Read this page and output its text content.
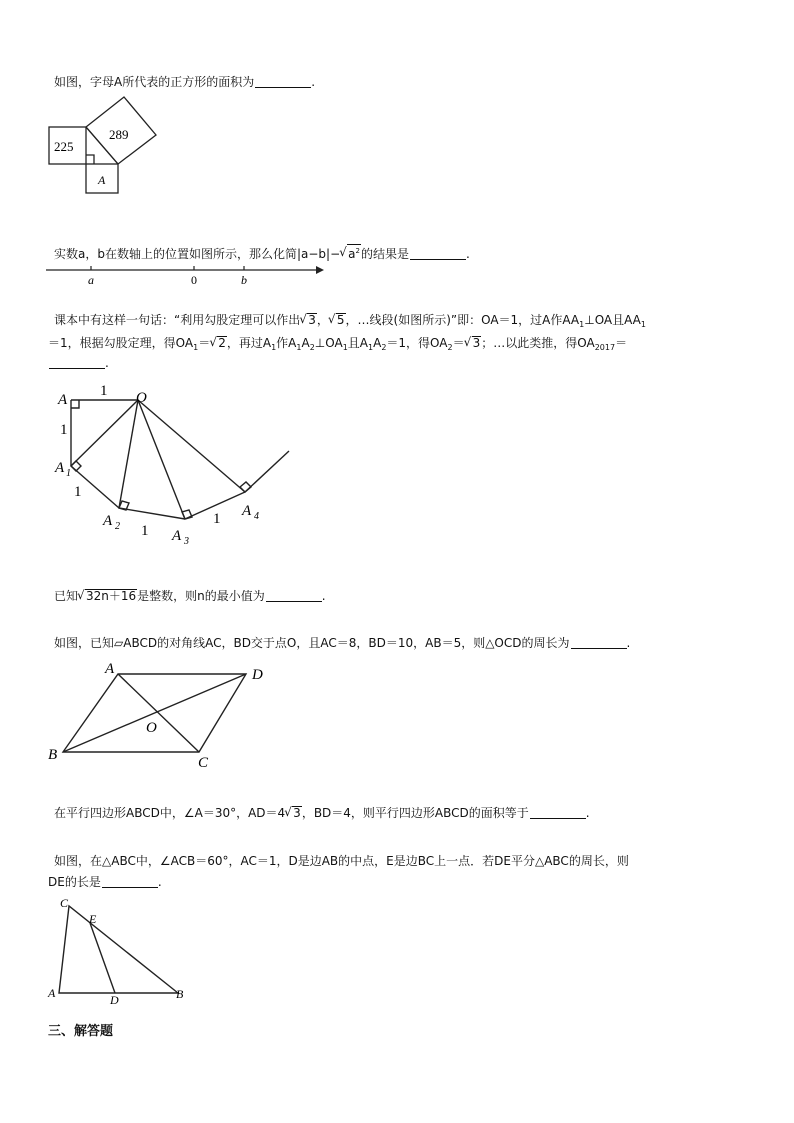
如图，字母A所代表的正方形的面积为	.
225
289
A
实数a，b在数轴上的位置如图所示，那么化简|a−b|−√ $a^2$的结果是	.
a	0	b
课本中有这样一句话：“利用勾股定理可以作出√ 3，√ 5，…线段(如图所示)”即：OA＝1，过A作$AA_1\perp OA$且$AA_1$
＝1，根据勾股定理，得$OA_1=√$ 2，再过$A_1$作$A_1A_2\perp OA_1$且$A_1A_2=1$，得$OA_2=√$ 3；…以此类推，得$OA_{2017}=$
.
A	O
1
1
A 1
1
A 2 1 A 3
1 A 4
已知√ 32n＋16是整数，则n的最小值为	.
如图，已知▱ABCD的对角线AC，BD交于点O，且AC＝8，BD＝10，AB＝5，则△OCD的周长为	.
A	D
O
B	C
在平行四边形ABCD中，∠A＝30°，AD＝4√ 3，BD＝4，则平行四边形ABCD的面积等于	.
如图，在△ABC中，∠ACB＝60°，AC＝1，D是边AB的中点，E是边BC上一点．若DE平分△ABC的周长，则
DE的长是	.
C
E
A	D	B
三、解答题
